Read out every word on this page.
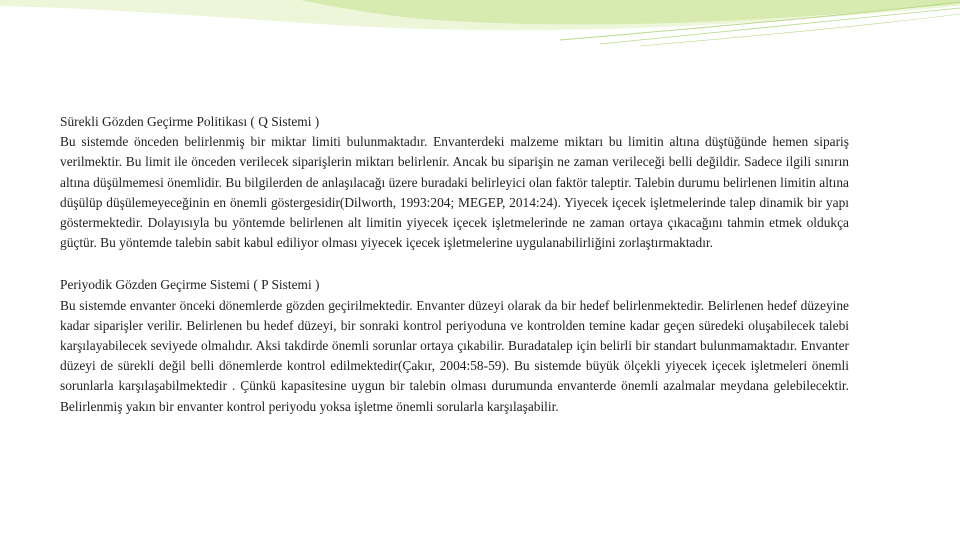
Sürekli Gözden Geçirme Politikası ( Q Sistemi )

Bu sistemde önceden belirlenmiş bir miktar limiti bulunmaktadır. Envanterdeki malzeme miktarı bu limitin altına düştüğünde hemen sipariş verilmektir. Bu limit ile önceden verilecek siparişlerin miktarı belirlenir. Ancak bu siparişin ne zaman verileceği belli değildir. Sadece ilgili sınırın altına düşülmemesi önemlidir. Bu bilgilerden de anlaşılacağı üzere buradaki belirleyici olan faktör taleptir. Talebin durumu belirlenen limitin altına düşülüp düşülemeyeceğinin en önemli göstergesidir(Dilworth, 1993:204; MEGEP, 2014:24). Yiyecek içecek işletmelerinde talep dinamik bir yapı göstermektedir. Dolayısıyla bu yöntemde belirlenen alt limitin yiyecek içecek işletmelerinde ne zaman ortaya çıkacağını tahmin etmek oldukça güçtür. Bu yöntemde talebin sabit kabul ediliyor olması yiyecek içecek işletmelerine uygulanabilirliğini zorlaştırmaktadır.

Periyodik Gözden Geçirme Sistemi ( P Sistemi )

Bu sistemde envanter önceki dönemlerde gözden geçirilmektedir. Envanter düzeyi olarak da bir hedef belirlenmektedir. Belirlenen hedef düzeyine kadar siparişler verilir. Belirlenen bu hedef düzeyi, bir sonraki kontrol periyoduna ve kontrolden temine kadar geçen süredeki oluşabilecek talebi karşılayabilecek seviyede olmalıdır. Aksi takdirde önemli sorunlar ortaya çıkabilir. Buradatalep için belirli bir standart bulunmamaktadır. Envanter düzeyi de sürekli değil belli dönemlerde kontrol edilmektedir(Çakır, 2004:58-59). Bu sistemde büyük ölçekli yiyecek içecek işletmeleri önemli sorunlarla karşılaşabilmektedir . Çünkü kapasitesine uygun bir talebin olması durumunda envanterde önemli azalmalar meydana gelebilecektir. Belirlenmiş yakın bir envanter kontrol periyodu yoksa işletme önemli sorularla karşılaşabilir.
